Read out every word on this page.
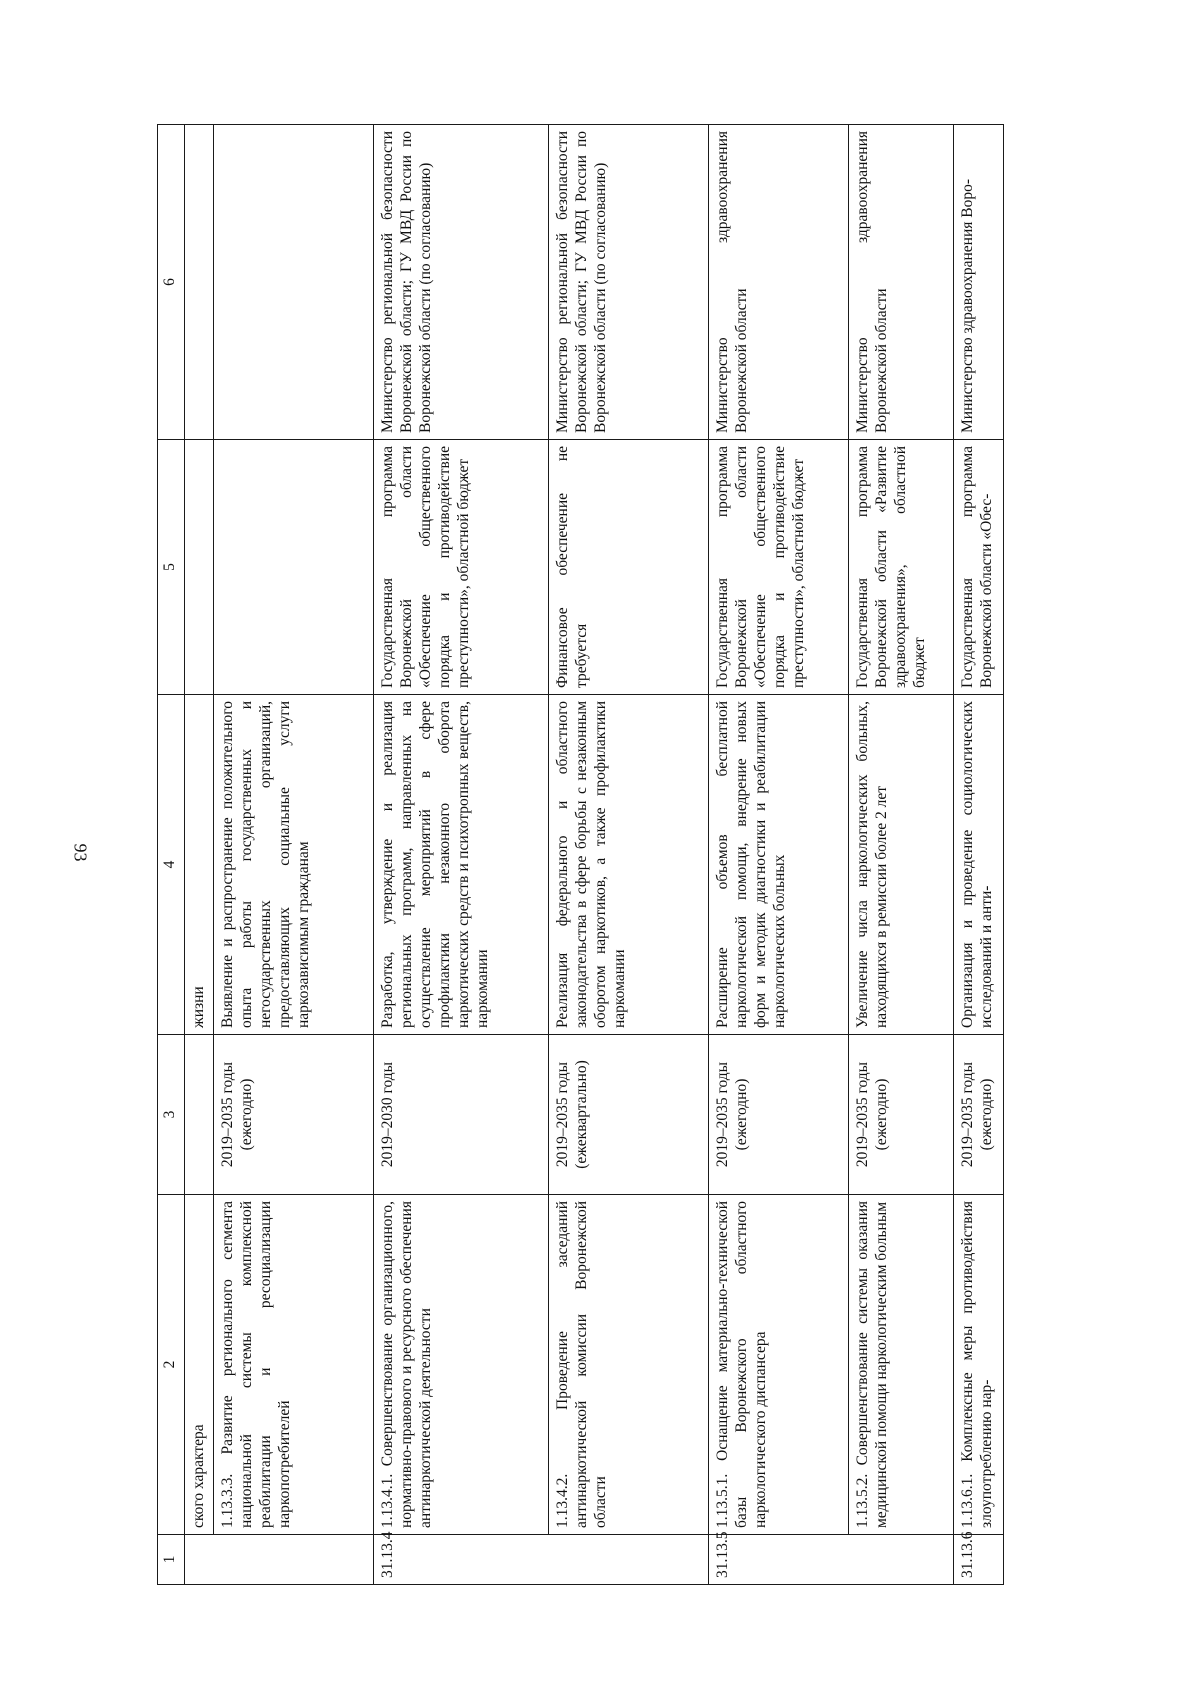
93
1	2	3	4	5	6
	ского характера		жизни		
	1.13.3.3. Развитие регионального сегмента национальной системы комплексной реабилитации и ресоциализации наркопотребителей	2019–2035 годы (ежегодно)	Выявление и распространение положительного опыта работы государственных и негосударственных организаций, предоставляющих социальные услуги наркозависимым гражданам		
31.13.4	1.13.4.1. Совершенствование организационного, нормативно-правового и ресурсного обеспечения антинаркотической деятельности	2019–2030 годы	Разработка, утверждение и реализация региональных программ, направленных на осуществление мероприятий в сфере профилактики незаконного оборота наркотических средств и психотропных веществ, наркомании	Государственная программа Воронежской области «Обеспечение общественного порядка и противодействие преступности», областной бюджет	Министерство региональной безопасности Воронежской области; ГУ МВД России по Воронежской области (по согласованию)
	1.13.4.2. Проведение заседаний антинаркотической комиссии Воронежской области	2019–2035 годы (ежеквартально)	Реализация федерального и областного законодательства в сфере борьбы с незаконным оборотом наркотиков, а также профилактики наркомании	Финансовое обеспечение не требуется	Министерство региональной безопасности Воронежской области; ГУ МВД России по Воронежской области (по согласованию)
31.13.5	1.13.5.1. Оснащение материально-технической базы Воронежского областного наркологического диспансера	2019–2035 годы (ежегодно)	Расширение объемов бесплатной наркологической помощи, внедрение новых форм и методик диагностики и реабилитации наркологических больных	Государственная программа Воронежской области «Обеспечение общественного порядка и противодействие преступности», областной бюджет	Министерство здравоохранения Воронежской области
	1.13.5.2. Совершенствование системы оказания медицинской помощи наркологическим больным	2019–2035 годы (ежегодно)	Увеличение числа наркологических больных, находящихся в ремиссии более 2 лет	Государственная программа Воронежской области «Развитие здравоохранения», областной бюджет	Министерство здравоохранения Воронежской области
31.13.6	1.13.6.1. Комплексные меры противодействия злоупотреблению нар-	2019–2035 годы (ежегодно)	Организация и проведение социологических исследований и анти-	Государственная программа Воронежской области «Обес-	Министерство здравоохранения Воро-
